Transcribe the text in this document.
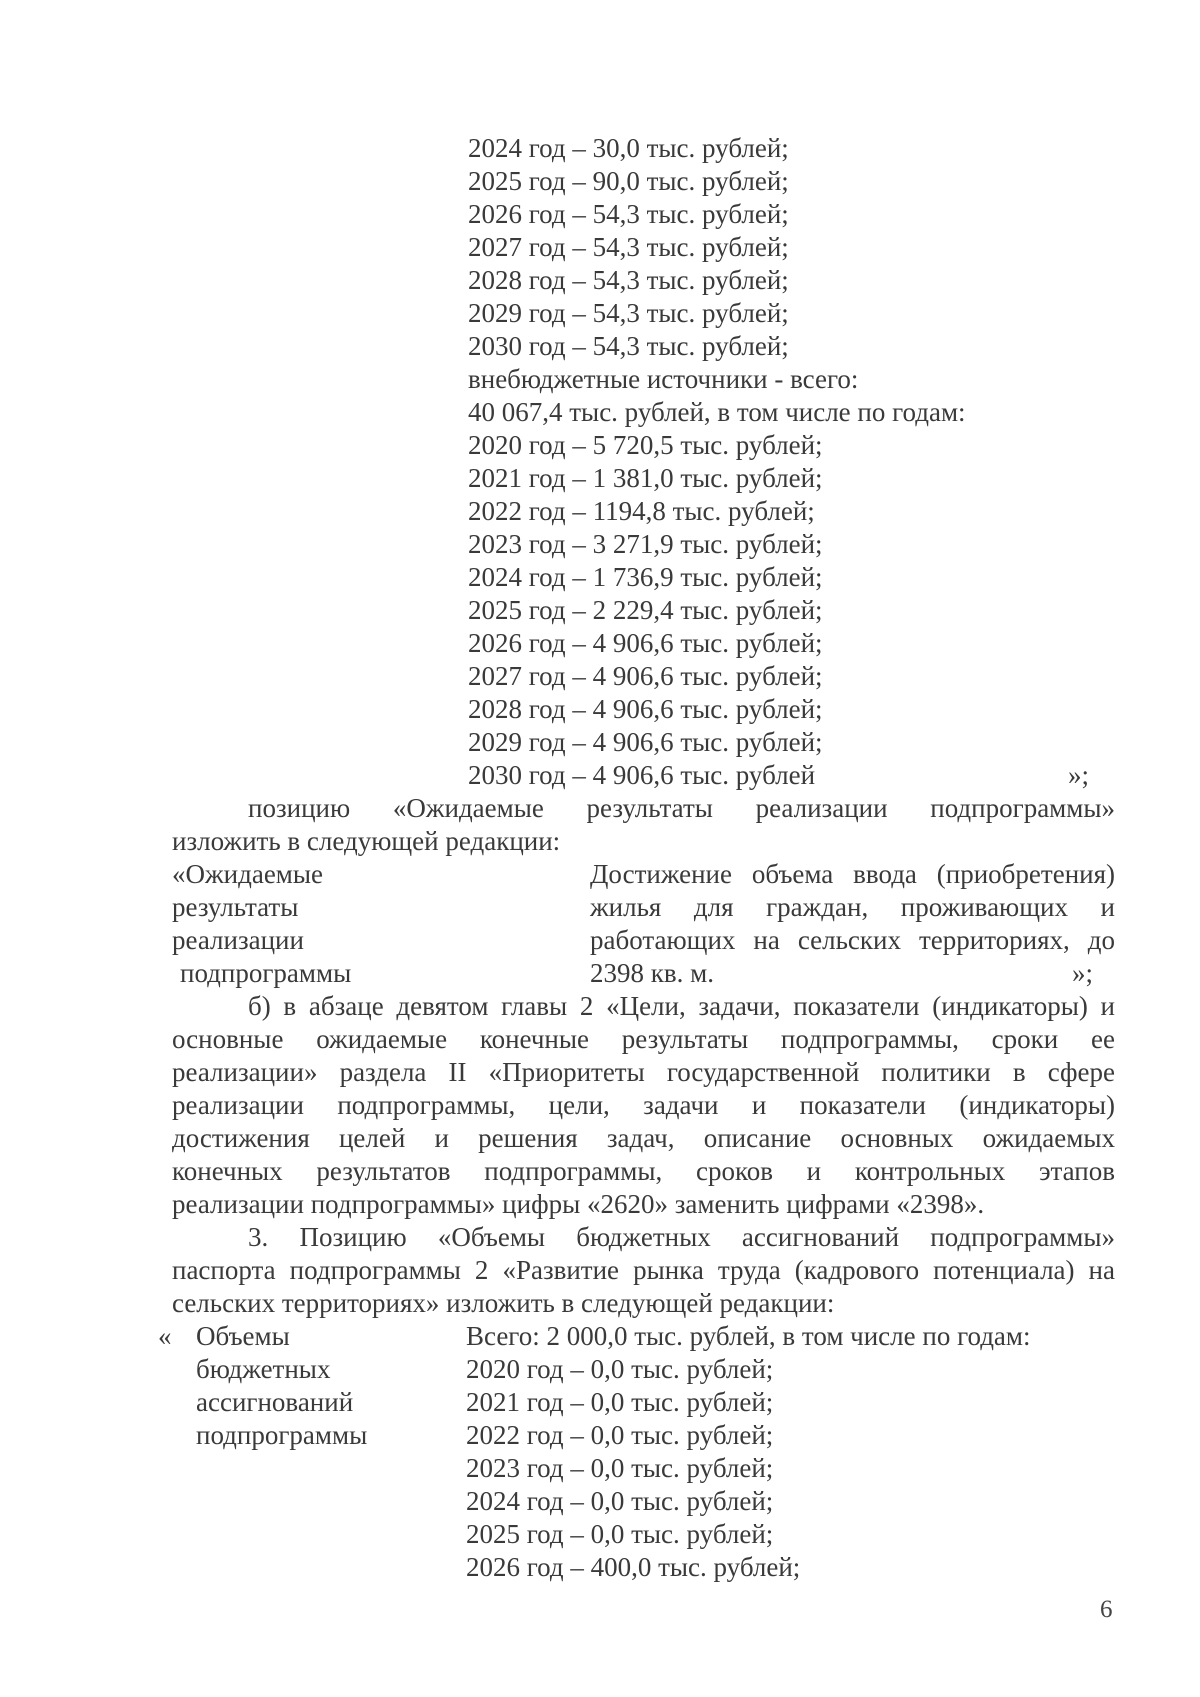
2024 год – 30,0 тыс. рублей;
2025 год – 90,0 тыс. рублей;
2026 год – 54,3 тыс. рублей;
2027 год – 54,3 тыс. рублей;
2028 год – 54,3 тыс. рублей;
2029 год – 54,3 тыс. рублей;
2030 год – 54,3 тыс. рублей;
внебюджетные источники - всего:
40 067,4 тыс. рублей, в том числе по годам:
2020 год – 5 720,5 тыс. рублей;
2021 год – 1 381,0 тыс. рублей;
2022 год – 1194,8 тыс. рублей;
2023 год – 3 271,9 тыс. рублей;
2024 год – 1 736,9 тыс. рублей;
2025 год – 2 229,4 тыс. рублей;
2026 год – 4 906,6 тыс. рублей;
2027 год – 4 906,6 тыс. рублей;
2028 год – 4 906,6 тыс. рублей;
2029 год – 4 906,6 тыс. рублей;
2030 год – 4 906,6 тыс. рублей	»;
позицию «Ожидаемые результаты реализации подпрограммы»
изложить в следующей редакции:
«Ожидаемые
результаты
реализации
подпрограммы
Достижение объема ввода (приобретения)
жилья для граждан, проживающих и
работающих на сельских территориях, до
2398 кв. м.	»;
б) в абзаце девятом главы 2 «Цели, задачи, показатели (индикаторы) и
основные ожидаемые конечные результаты подпрограммы, сроки ее
реализации» раздела II «Приоритеты государственной политики в сфере
реализации подпрограммы, цели, задачи и показатели (индикаторы)
достижения целей и решения задач, описание основных ожидаемых
конечных результатов подпрограммы, сроков и контрольных этапов
реализации подпрограммы» цифры «2620» заменить цифрами «2398».
3. Позицию «Объемы бюджетных ассигнований подпрограммы»
паспорта подпрограммы 2 «Развитие рынка труда (кадрового потенциала) на
сельских территориях» изложить в следующей редакции:
« Объемы
бюджетных
ассигнований
подпрограммы
Всего: 2 000,0 тыс. рублей, в том числе по годам:
2020 год – 0,0 тыс. рублей;
2021 год – 0,0 тыс. рублей;
2022 год – 0,0 тыс. рублей;
2023 год – 0,0 тыс. рублей;
2024 год – 0,0 тыс. рублей;
2025 год – 0,0 тыс. рублей;
2026 год – 400,0 тыс. рублей;
6
